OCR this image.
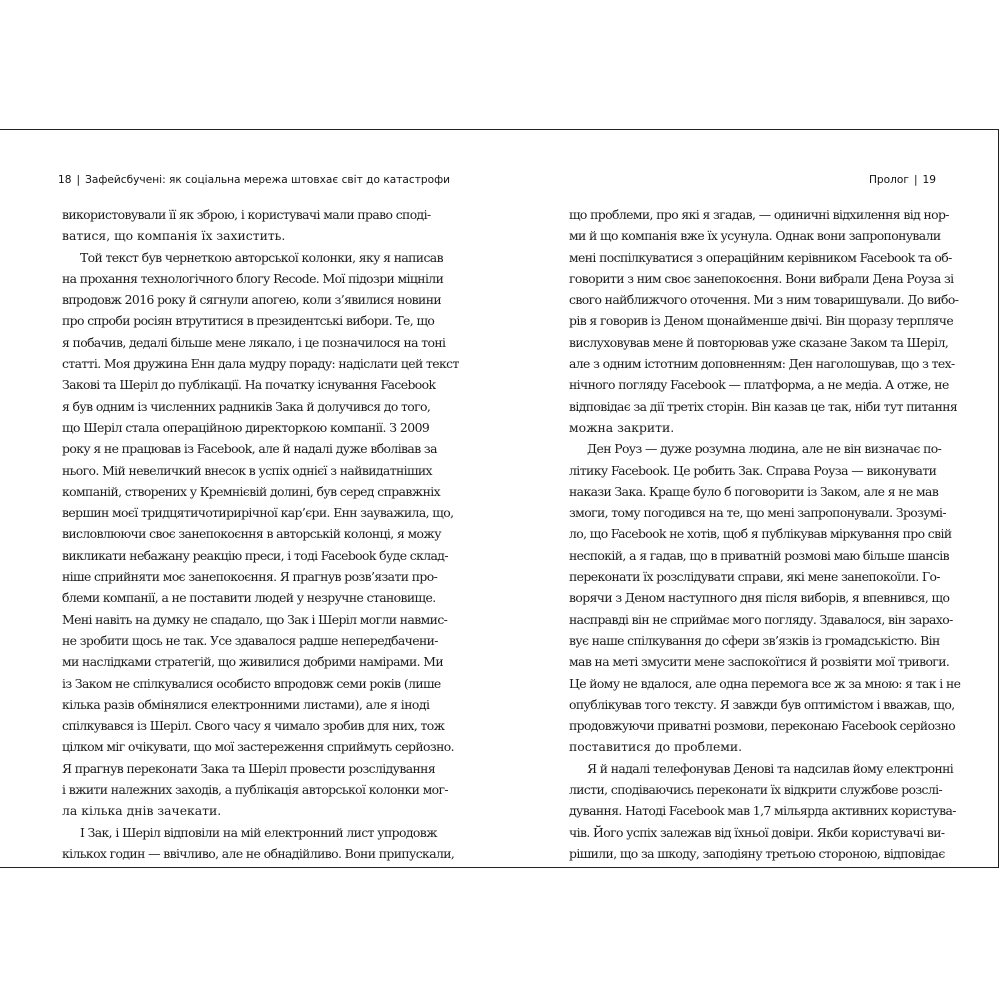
18 | Зафейсбучені: як соціальна мережа штовхає світ до катастрофи
використовували її як зброю, і користувачі мали право споді-
ватися, що компанія їх захистить.
Той текст був чернеткою авторської колонки, яку я написав
на прохання технологічного блогу Recode. Мої підозри міцніли
впродовж 2016 року й сягнули апогею, коли з’явилися новини
про спроби росіян втрутитися в президентські вибори. Те, що
я побачив, дедалі більше мене лякало, і це позначилося на тоні
статті. Моя дружина Енн дала мудру пораду: надіслати цей текст
Закові та Шеріл до публікації. На початку існування Facebook
я був одним із численних радників Зака й долучився до того,
що Шеріл стала операційною директоркою компанії. З 2009
року я не працював із Facebook, але й надалі дуже вболівав за
нього. Мій невеличкий внесок в успіх однієї з найвидатніших
компаній, створених у Кремнієвій долині, був серед справжніх
вершин моєї тридцятичотирирічної кар’єри. Енн зауважила, що,
висловлюючи своє занепокоєння в авторській колонці, я можу
викликати небажану реакцію преси, і тоді Facebook буде склад-
ніше сприйняти моє занепокоєння. Я прагнув розв’язати про-
блеми компанії, а не поставити людей у незручне становище.
Мені навіть на думку не спадало, що Зак і Шеріл могли навмис-
не зробити щось не так. Усе здавалося радше непередбачени-
ми наслідками стратегій, що живилися добрими намірами. Ми
із Заком не спілкувалися особисто впродовж семи років (лише
кілька разів обмінялися електронними листами), але я іноді
спілкувався із Шеріл. Свого часу я чимало зробив для них, тож
цілком міг очікувати, що мої застереження сприймуть серйозно.
Я прагнув переконати Зака та Шеріл провести розслідування
і вжити належних заходів, а публікація авторської колонки мог-
ла кілька днів зачекати.
І Зак, і Шеріл відповіли на мій електронний лист упродовж
кількох годин — ввічливо, але не обнадійливо. Вони припускали,
Пролог | 19
що проблеми, про які я згадав, — одиничні відхилення від нор-
ми й що компанія вже їх усунула. Однак вони запропонували
мені поспілкуватися з операційним керівником Facebook та об-
говорити з ним своє занепокоєння. Вони вибрали Дена Роуза зі
свого найближчого оточення. Ми з ним товаришували. До вибо-
рів я говорив із Деном щонайменше двічі. Він щоразу терпляче
вислуховував мене й повторював уже сказане Заком та Шеріл,
але з одним істотним доповненням: Ден наголошував, що з тех-
нічного погляду Facebook — платформа, а не медіа. А отже, не
відповідає за дії третіх сторін. Він казав це так, ніби тут питання
можна закрити.
Ден Роуз — дуже розумна людина, але не він визначає по-
літику Facebook. Це робить Зак. Справа Роуза — виконувати
накази Зака. Краще було б поговорити із Заком, але я не мав
змоги, тому погодився на те, що мені запропонували. Зрозумі-
ло, що Facebook не хотів, щоб я публікував міркування про свій
неспокій, а я гадав, що в приватній розмові маю більше шансів
переконати їх розслідувати справи, які мене занепокоїли. Го-
ворячи з Деном наступного дня після виборів, я впевнився, що
насправді він не сприймає мого погляду. Здавалося, він зарахо-
вує наше спілкування до сфери зв’язків із громадськістю. Він
мав на меті змусити мене заспокоїтися й розвіяти мої тривоги.
Це йому не вдалося, але одна перемога все ж за мною: я так і не
опублікував того тексту. Я завжди був оптимістом і вважав, що,
продовжуючи приватні розмови, переконаю Facebook серйозно
поставитися до проблеми.
Я й надалі телефонував Денові та надсилав йому електронні
листи, сподіваючись переконати їх відкрити службове розслі-
дування. Натоді Facebook мав 1,7 мільярда активних користува-
чів. Його успіх залежав від їхньої довіри. Якби користувачі ви-
рішили, що за шкоду, заподіяну третьою стороною, відповідає
